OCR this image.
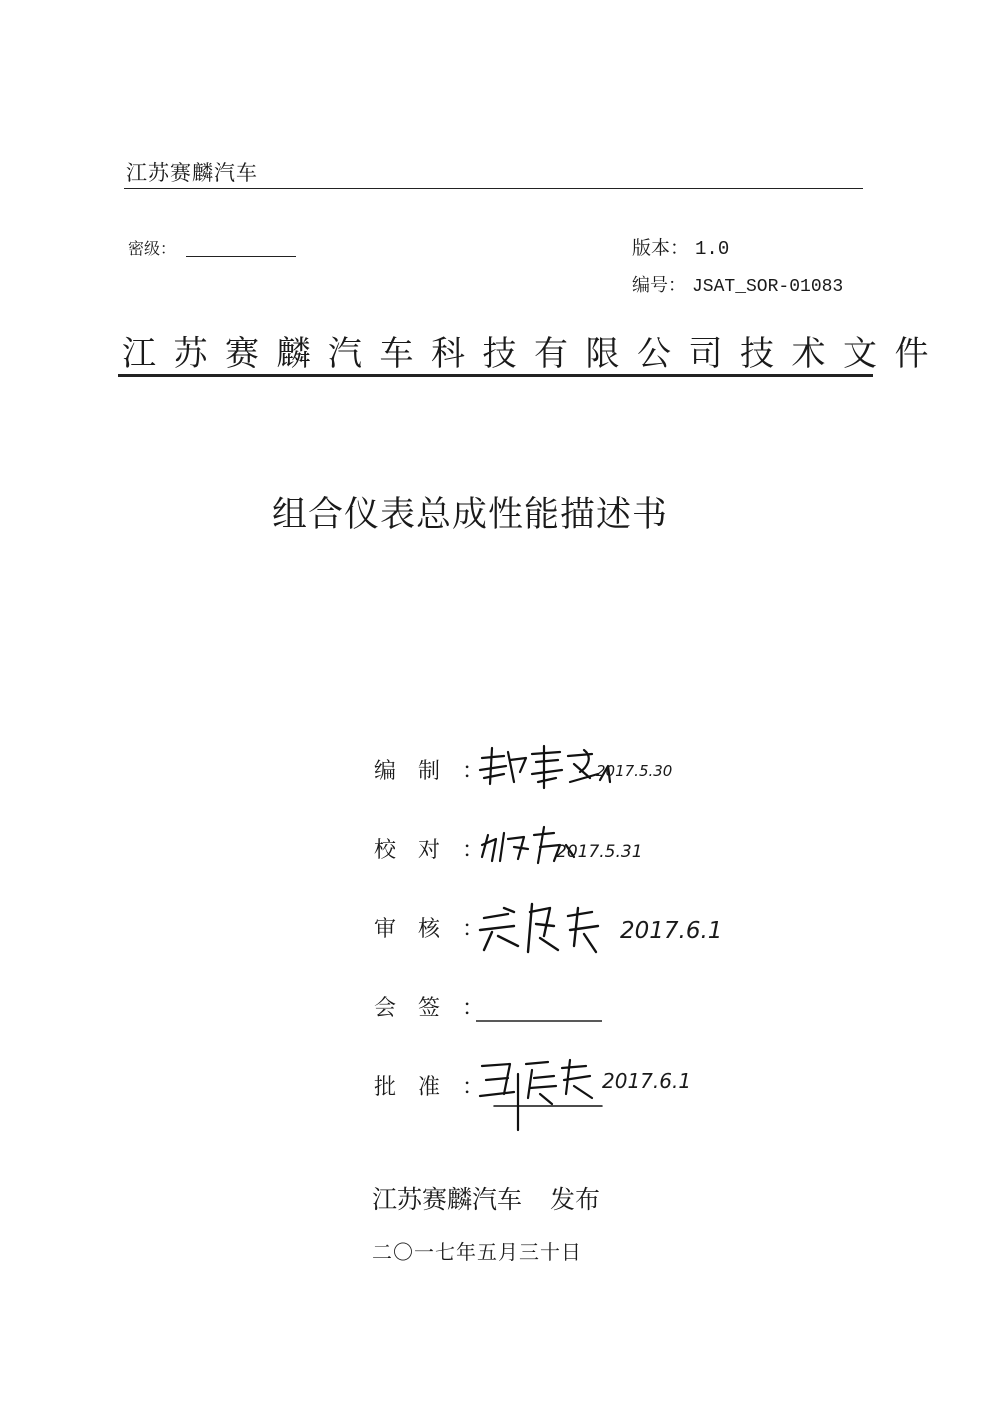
江苏赛麟汽车
密级：	版本： 1.0
编号： JSAT_SOR-01083
江苏赛麟汽车科技有限公司技术文件
组合仪表总成性能描述书
编制：
校对：
审核：
会签：
批准：
2017.5.30
2017.5.31
2017.6.1
2017.6.1
江苏赛麟汽车 发布
二〇一七年五月三十日
